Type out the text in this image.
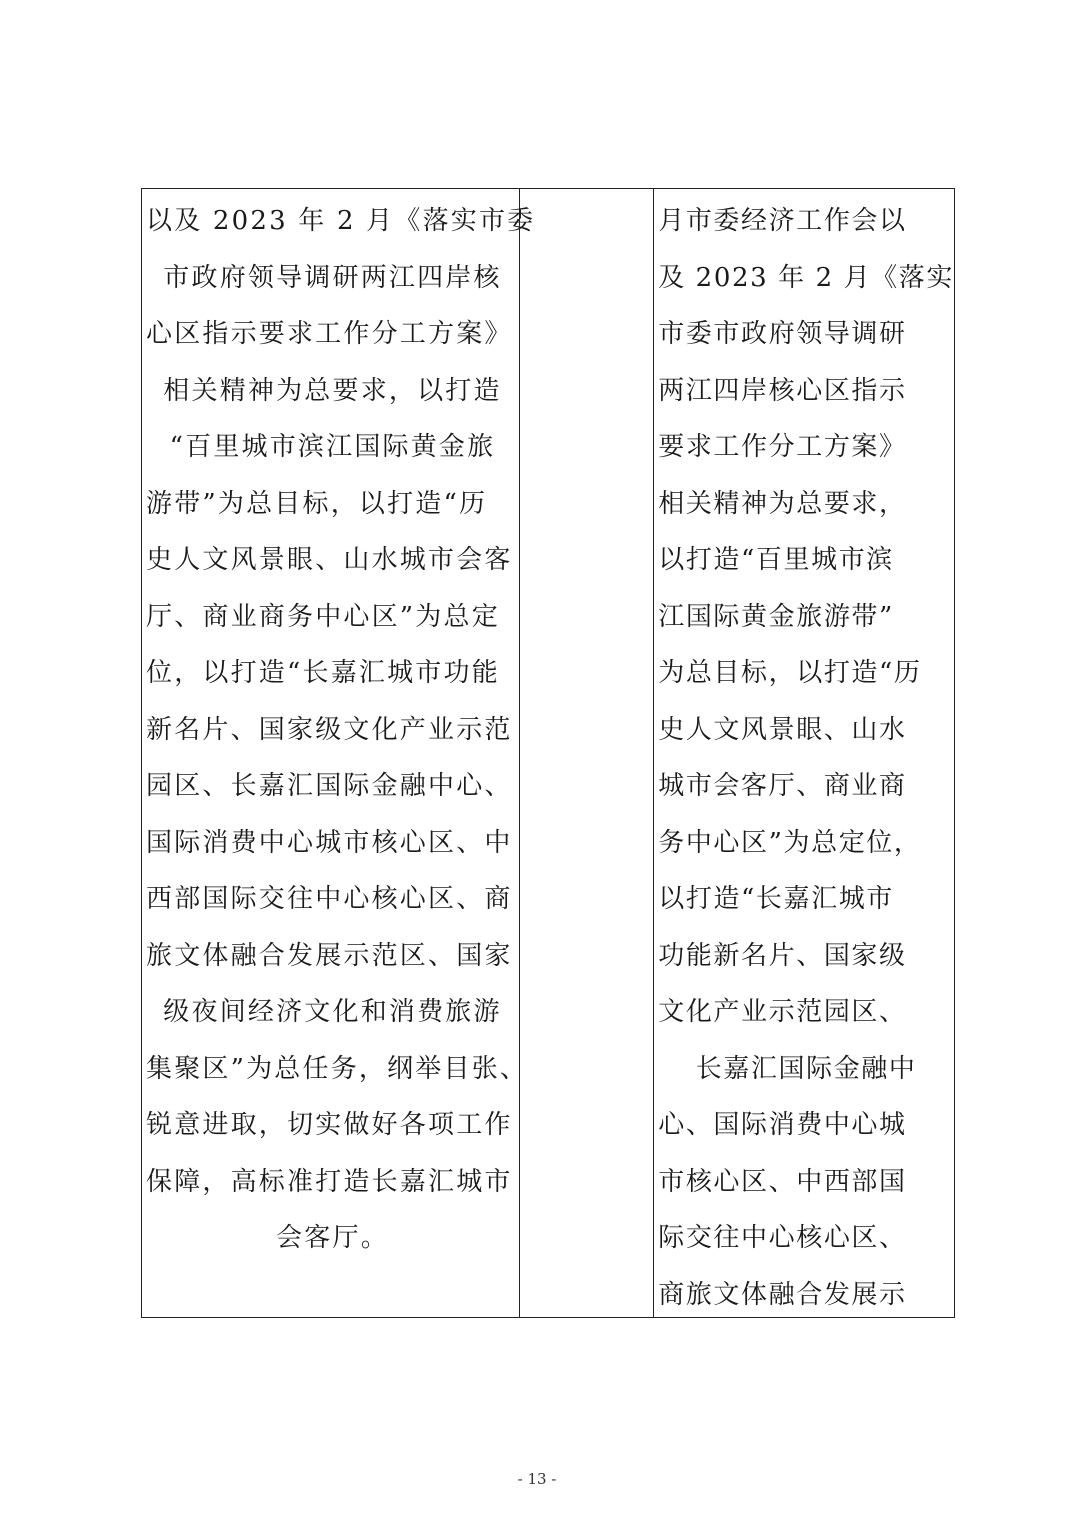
以及 2023 年 2 月《落实市委
市政府领导调研两江四岸核
心区指示要求工作分工方案》
相关精神为总要求，以打造
“百里城市滨江国际黄金旅
游带”为总目标，以打造“历
史人文风景眼、山水城市会客
厅、商业商务中心区”为总定
位，以打造“长嘉汇城市功能
新名片、国家级文化产业示范
园区、长嘉汇国际金融中心、
国际消费中心城市核心区、中
西部国际交往中心核心区、商
旅文体融合发展示范区、国家
级夜间经济文化和消费旅游
集聚区”为总任务，纲举目张、
锐意进取，切实做好各项工作
保障，高标准打造长嘉汇城市
会客厅。
月市委经济工作会以
及 2023 年 2 月《落实
市委市政府领导调研
两江四岸核心区指示
要求工作分工方案》
相关精神为总要求，
以打造“百里城市滨
江国际黄金旅游带”
为总目标，以打造“历
史人文风景眼、山水
城市会客厅、商业商
务中心区”为总定位，
以打造“长嘉汇城市
功能新名片、国家级
文化产业示范园区、
长嘉汇国际金融中
心、国际消费中心城
市核心区、中西部国
际交往中心核心区、
商旅文体融合发展示
- 13 -
